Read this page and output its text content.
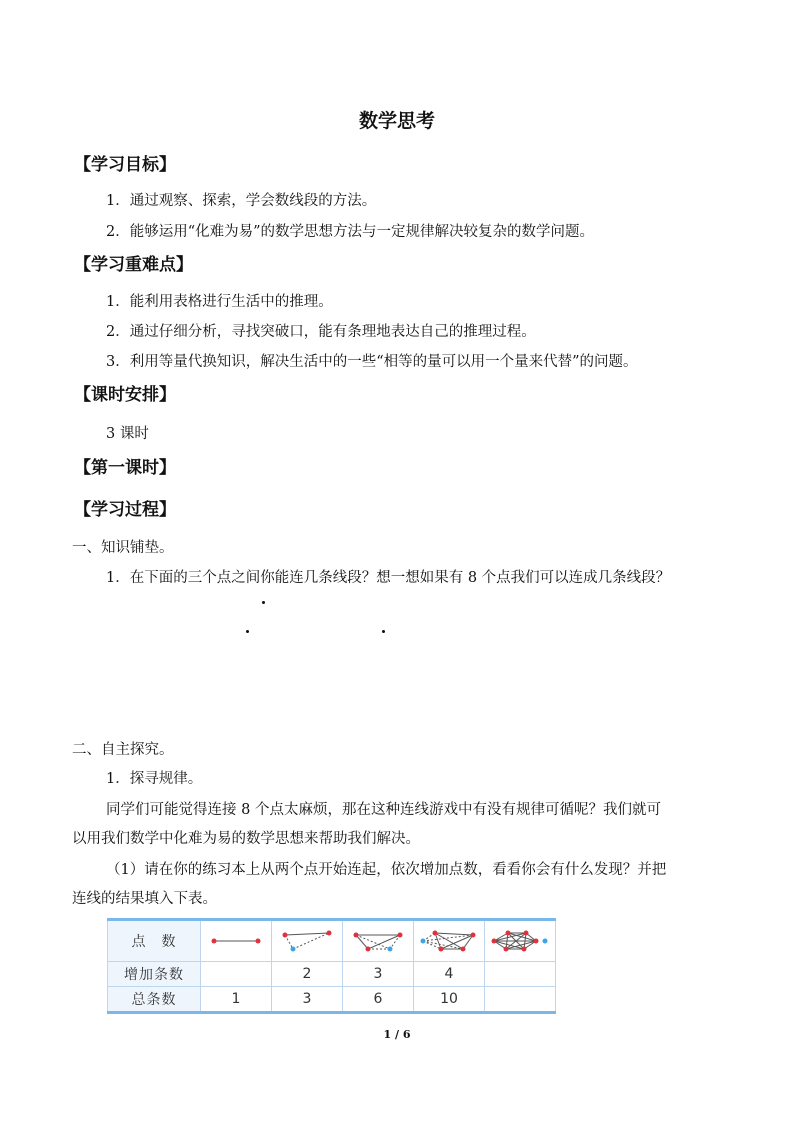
数学思考
【学习目标】
1．通过观察、探索，学会数线段的方法。
2．能够运用“化难为易”的数学思想方法与一定规律解决较复杂的数学问题。
【学习重难点】
1．能利用表格进行生活中的推理。
2．通过仔细分析，寻找突破口，能有条理地表达自己的推理过程。
3．利用等量代换知识，解决生活中的一些“相等的量可以用一个量来代替”的问题。
【课时安排】
3 课时
【第一课时】
【学习过程】
一、知识铺垫。
1．在下面的三个点之间你能连几条线段？想一想如果有 8 个点我们可以连成几条线段？
二、自主探究。
1．探寻规律。
同学们可能觉得连接 8 个点太麻烦，那在这种连线游戏中有没有规律可循呢？我们就可
以用我们数学中化难为易的数学思想来帮助我们解决。
（1）请在你的练习本上从两个点开始连起，依次增加点数，看看你会有什么发现？并把
连线的结果填入下表。
点　数	

增加条数		2	3	4	
总条数	1	3	6	10	
1 / 6
